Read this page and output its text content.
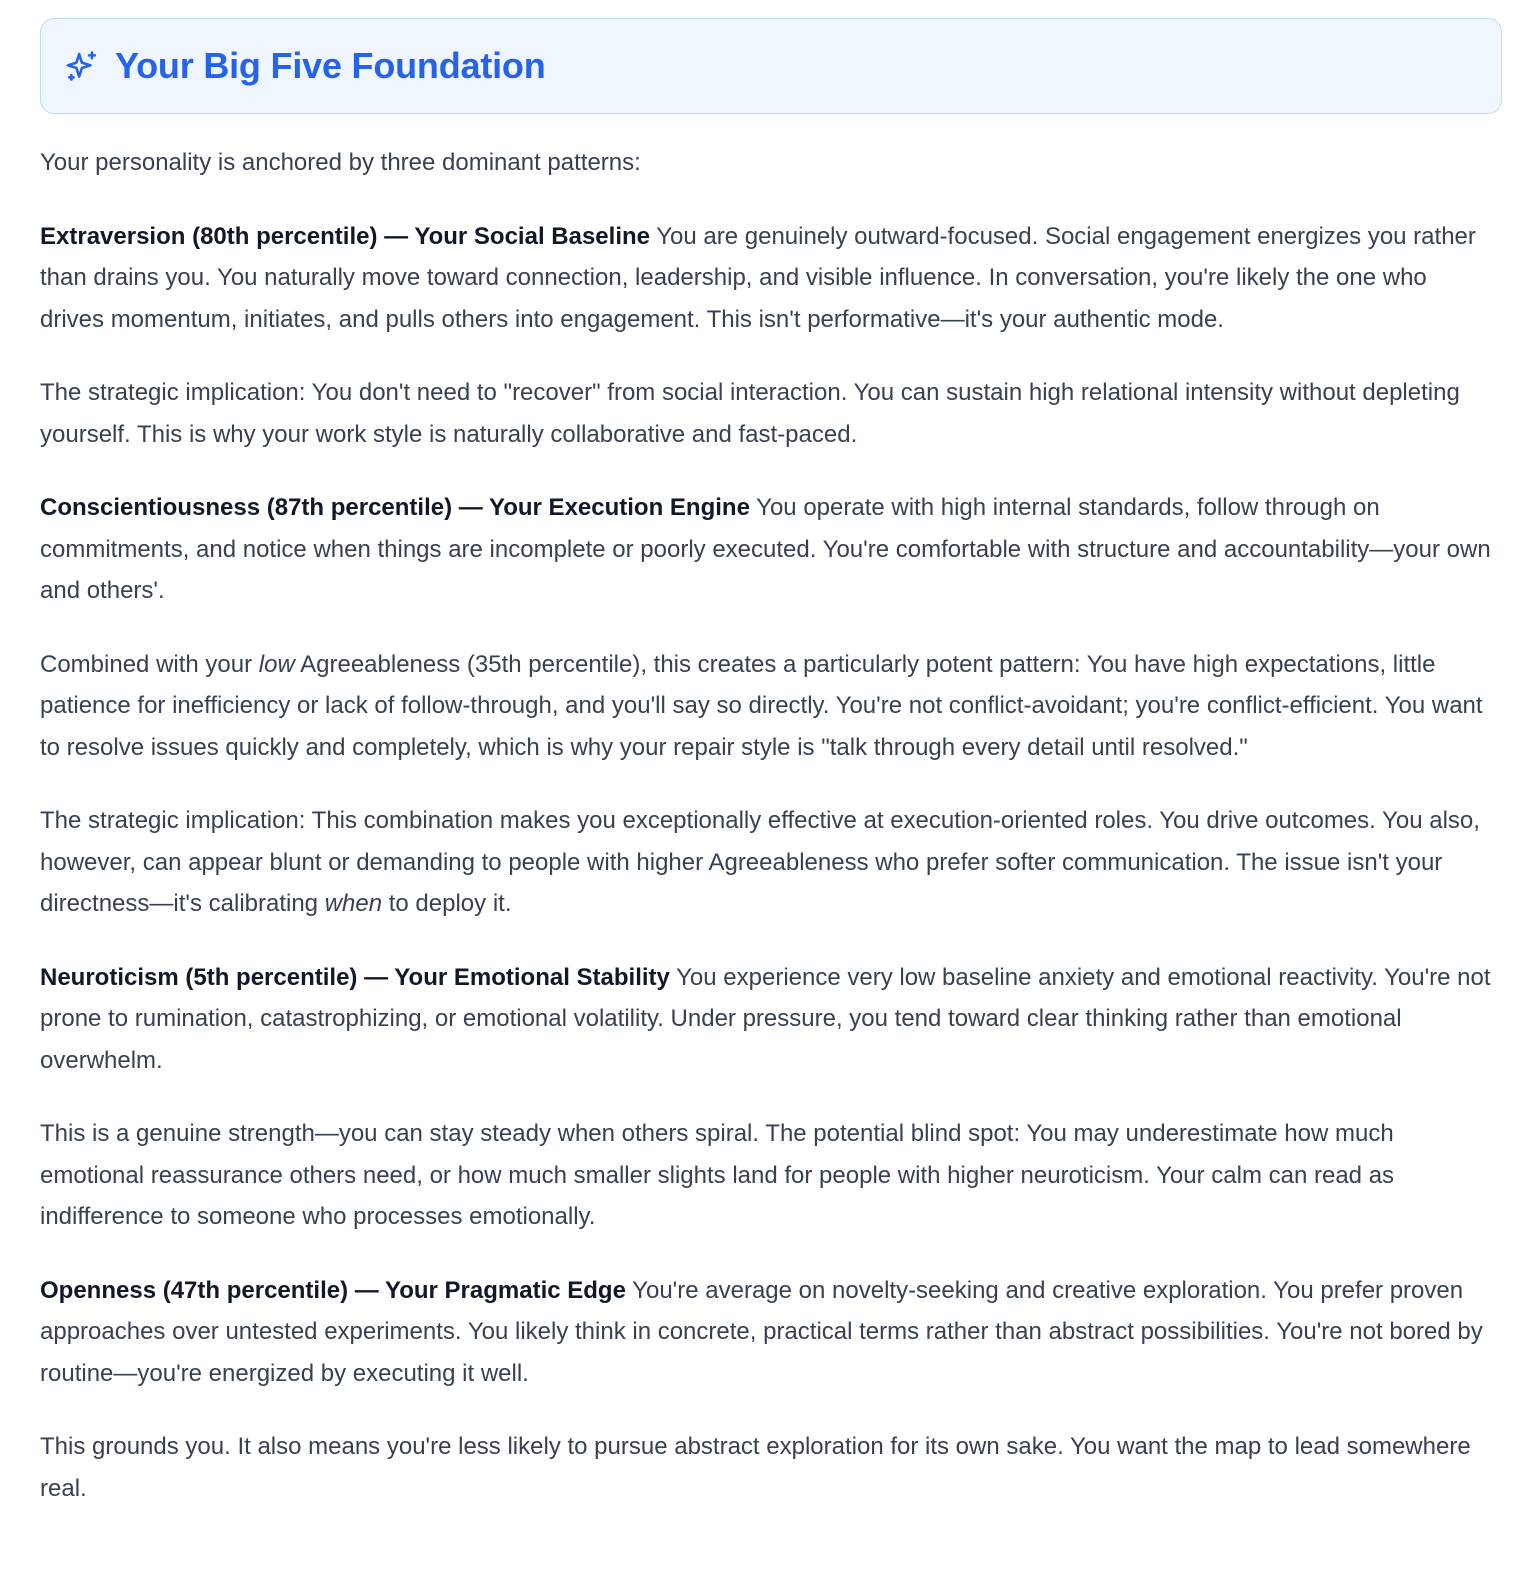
Your Big Five Foundation

Your personality is anchored by three dominant patterns:

Extraversion (80th percentile) — Your Social Baseline You are genuinely outward-focused. Social engagement energizes you rather than drains you. You naturally move toward connection, leadership, and visible influence. In conversation, you're likely the one who drives momentum, initiates, and pulls others into engagement. This isn't performative—it's your authentic mode.

The strategic implication: You don't need to "recover" from social interaction. You can sustain high relational intensity without depleting yourself. This is why your work style is naturally collaborative and fast-paced.

Conscientiousness (87th percentile) — Your Execution Engine You operate with high internal standards, follow through on commitments, and notice when things are incomplete or poorly executed. You're comfortable with structure and accountability—your own and others'.

Combined with your low Agreeableness (35th percentile), this creates a particularly potent pattern: You have high expectations, little patience for inefficiency or lack of follow-through, and you'll say so directly. You're not conflict-avoidant; you're conflict-efficient. You want to resolve issues quickly and completely, which is why your repair style is "talk through every detail until resolved."

The strategic implication: This combination makes you exceptionally effective at execution-oriented roles. You drive outcomes. You also, however, can appear blunt or demanding to people with higher Agreeableness who prefer softer communication. The issue isn't your directness—it's calibrating when to deploy it.

Neuroticism (5th percentile) — Your Emotional Stability You experience very low baseline anxiety and emotional reactivity. You're not prone to rumination, catastrophizing, or emotional volatility. Under pressure, you tend toward clear thinking rather than emotional overwhelm.

This is a genuine strength—you can stay steady when others spiral. The potential blind spot: You may underestimate how much emotional reassurance others need, or how much smaller slights land for people with higher neuroticism. Your calm can read as indifference to someone who processes emotionally.

Openness (47th percentile) — Your Pragmatic Edge You're average on novelty-seeking and creative exploration. You prefer proven approaches over untested experiments. You likely think in concrete, practical terms rather than abstract possibilities. You're not bored by routine—you're energized by executing it well.

This grounds you. It also means you're less likely to pursue abstract exploration for its own sake. You want the map to lead somewhere real.
